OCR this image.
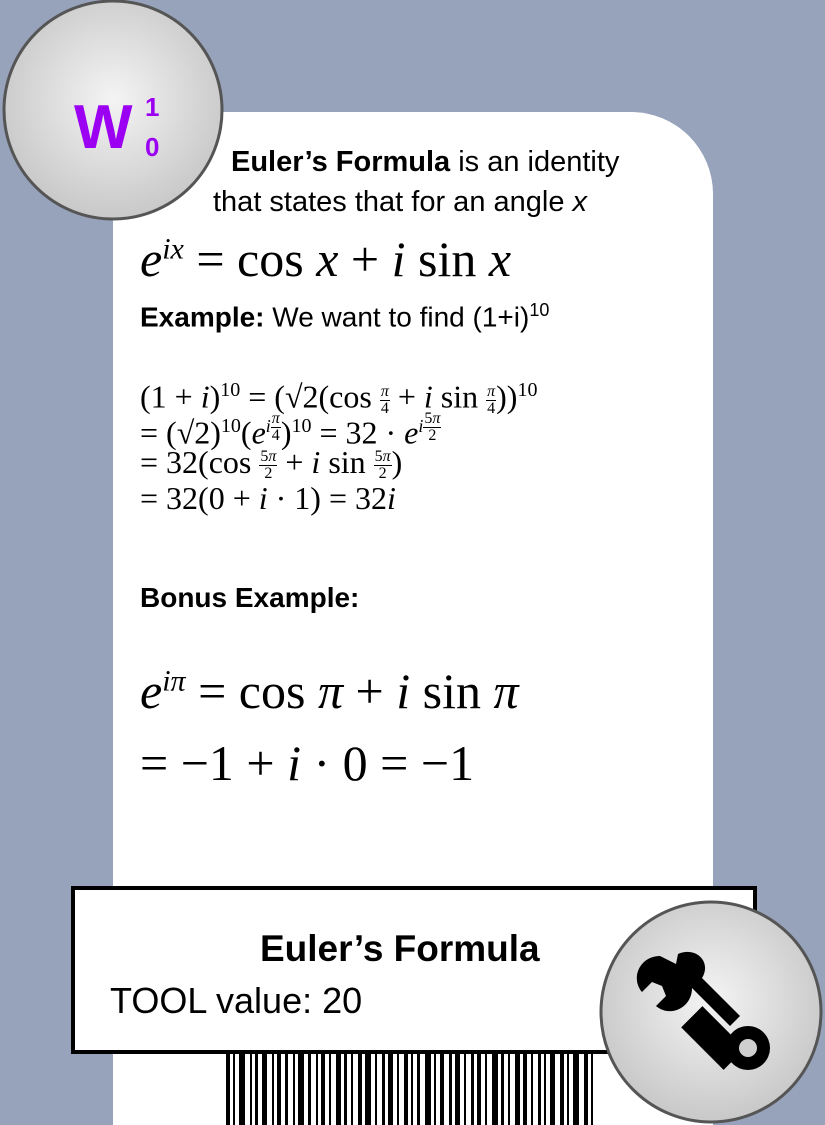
Euler’s Formula is an identity
that states that for an angle x
$e^{ix} = \cos x + i$ sin x
Example: We want to find $(1+i)^{10}$
$(1 + i)^{10} = (√2(\cos \frac{\pi}{4} + i$ $\sin \frac{\pi}{4} ))^{10}$
= $(√2)^{10}(e^{i \frac{\pi}{4}}$ )$^{10} = 32 \cdot e^{i \frac{5\pi}{2}}$
= $32(\cos \frac{5\pi}{2} + i$ $\sin \frac{5\pi}{2}$ )
= 32(0 + i · 1) = 32i
Bonus Example:
$e^{i\pi} = \cos \pi + i$ sin π
= −1 + i · 0 = −1
W 1
0
Euler’s Formula
TOOL value: 20
